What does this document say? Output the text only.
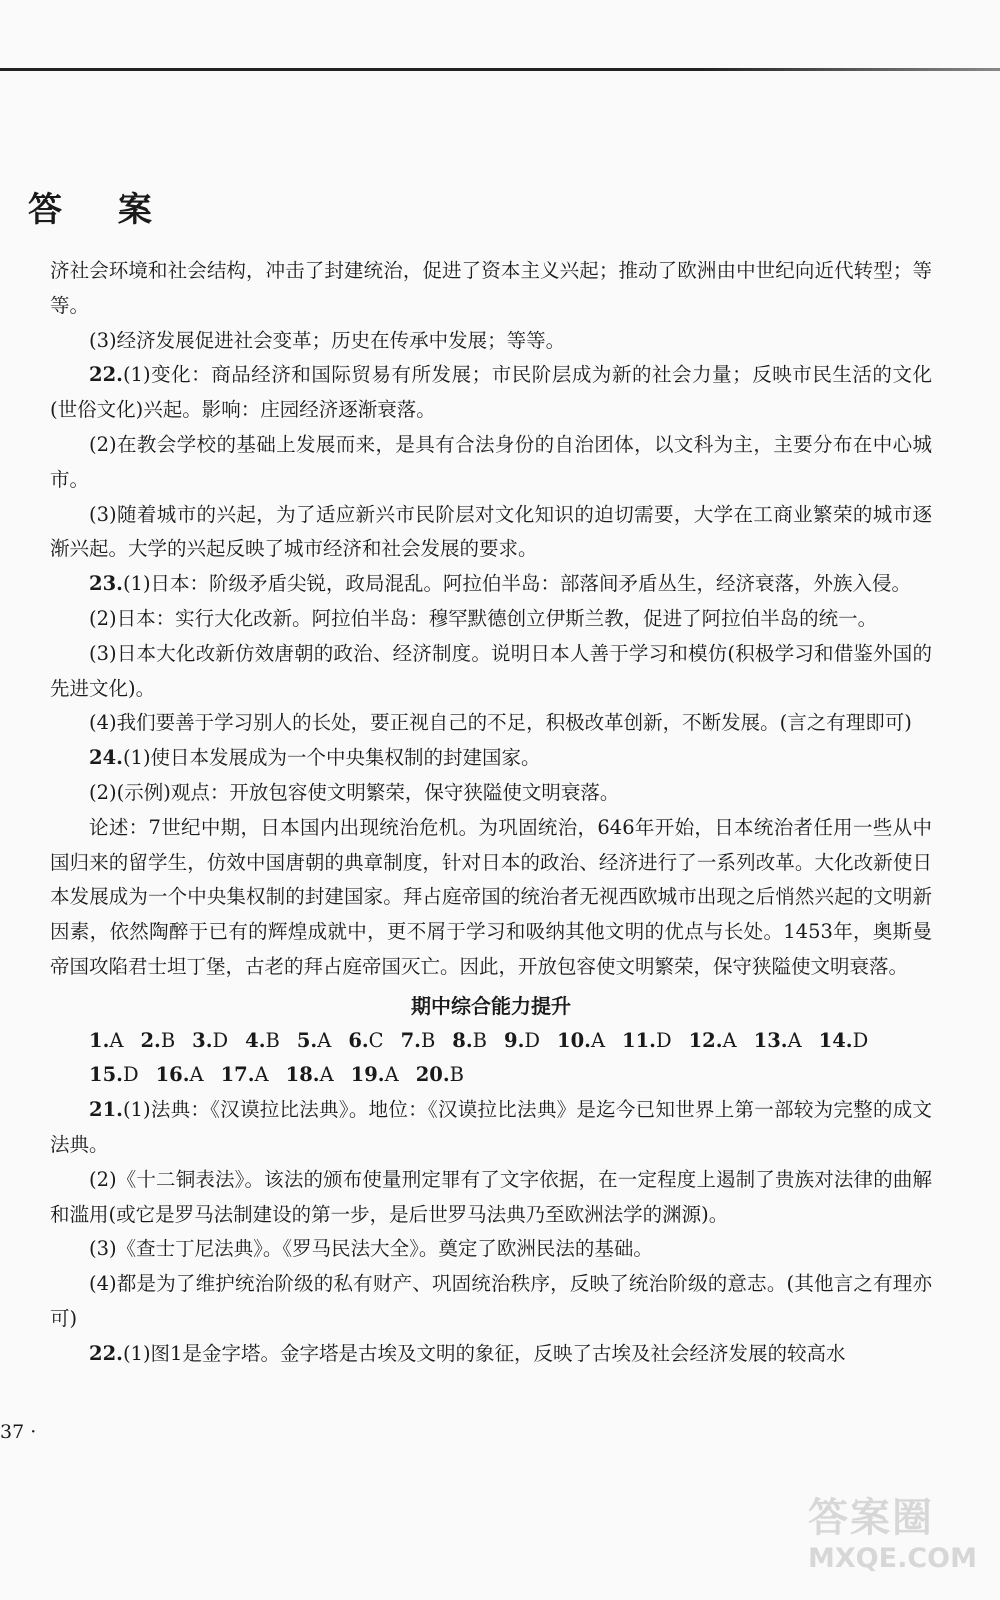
答 案

济社会环境和社会结构，冲击了封建统治，促进了资本主义兴起；推动了欧洲由中世纪向近代转型；等等。

(3)经济发展促进社会变革；历史在传承中发展；等等。

22.(1)变化：商品经济和国际贸易有所发展；市民阶层成为新的社会力量；反映市民生活的文化(世俗文化)兴起。影响：庄园经济逐渐衰落。

(2)在教会学校的基础上发展而来，是具有合法身份的自治团体，以文科为主，主要分布在中心城市。

(3)随着城市的兴起，为了适应新兴市民阶层对文化知识的迫切需要，大学在工商业繁荣的城市逐渐兴起。大学的兴起反映了城市经济和社会发展的要求。

23.(1)日本：阶级矛盾尖锐，政局混乱。阿拉伯半岛：部落间矛盾丛生，经济衰落，外族入侵。

(2)日本：实行大化改新。阿拉伯半岛：穆罕默德创立伊斯兰教，促进了阿拉伯半岛的统一。

(3)日本大化改新仿效唐朝的政治、经济制度。说明日本人善于学习和模仿(积极学习和借鉴外国的先进文化)。

(4)我们要善于学习别人的长处，要正视自己的不足，积极改革创新，不断发展。(言之有理即可)

24.(1)使日本发展成为一个中央集权制的封建国家。

(2)(示例)观点：开放包容使文明繁荣，保守狭隘使文明衰落。

论述：7世纪中期，日本国内出现统治危机。为巩固统治，646年开始，日本统治者任用一些从中国归来的留学生，仿效中国唐朝的典章制度，针对日本的政治、经济进行了一系列改革。大化改新使日本发展成为一个中央集权制的封建国家。拜占庭帝国的统治者无视西欧城市出现之后悄然兴起的文明新因素，依然陶醉于已有的辉煌成就中，更不屑于学习和吸纳其他文明的优点与长处。1453年，奥斯曼帝国攻陷君士坦丁堡，古老的拜占庭帝国灭亡。因此，开放包容使文明繁荣，保守狭隘使文明衰落。

期中综合能力提升
1.A 2.B 3.D 4.B 5.A 6.C 7.B 8.B 9.D 10.A 11.D 12.A 13.A 14.D
15.D 16.A 17.A 18.A 19.A 20.B

21.(1)法典：《汉谟拉比法典》。地位：《汉谟拉比法典》是迄今已知世界上第一部较为完整的成文法典。

(2)《十二铜表法》。该法的颁布使量刑定罪有了文字依据，在一定程度上遏制了贵族对法律的曲解和滥用(或它是罗马法制建设的第一步，是后世罗马法典乃至欧洲法学的渊源)。

(3)《查士丁尼法典》。《罗马民法大全》。奠定了欧洲民法的基础。

(4)都是为了维护统治阶级的私有财产、巩固统治秩序，反映了统治阶级的意志。(其他言之有理亦可)

22.(1)图1是金字塔。金字塔是古埃及文明的象征，反映了古埃及社会经济发展的较高水

37 ·
答案圈
MXQE.COM
